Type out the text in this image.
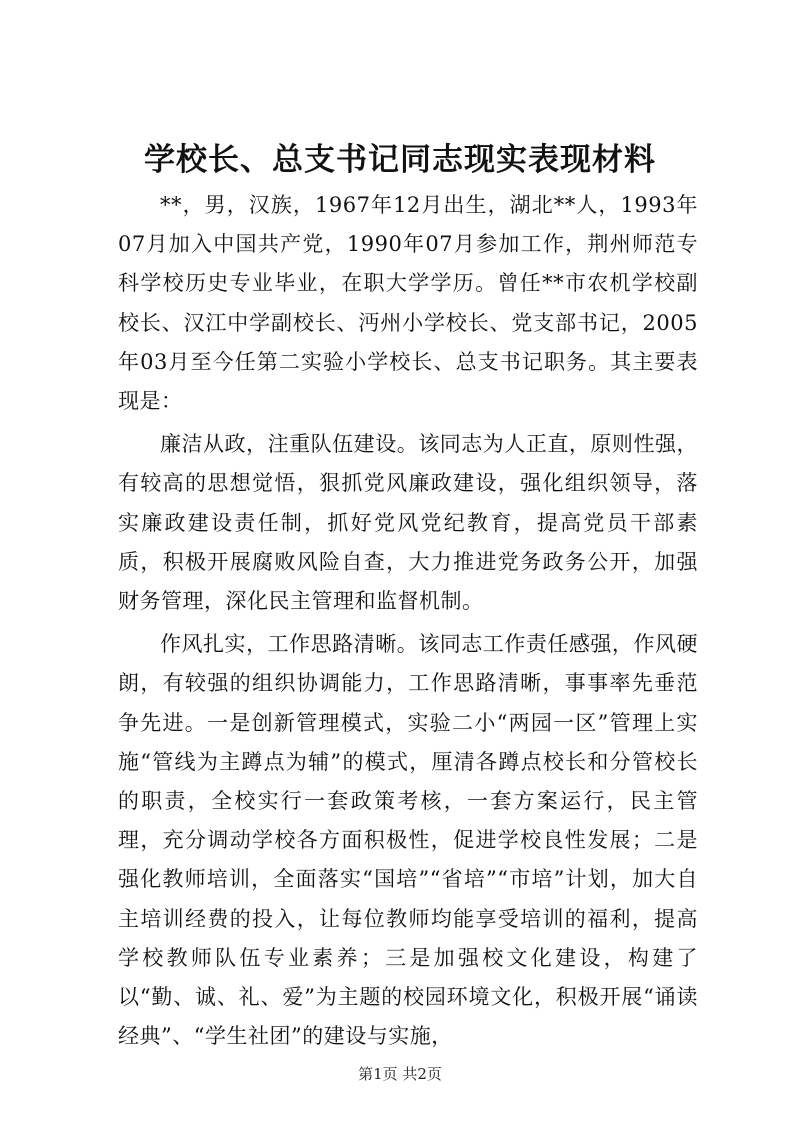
学校长、总支书记同志现实表现材料

**，男，汉族，1967年12月出生，湖北**人，1993年07月加入中国共产党，1990年07月参加工作，荆州师范专科学校历史专业毕业，在职大学学历。曾任**市农机学校副校长、汉江中学副校长、沔州小学校长、党支部书记，2005年03月至今任第二实验小学校长、总支书记职务。其主要表现是：

廉洁从政，注重队伍建设。该同志为人正直，原则性强，有较高的思想觉悟，狠抓党风廉政建设，强化组织领导，落实廉政建设责任制，抓好党风党纪教育，提高党员干部素质，积极开展腐败风险自查，大力推进党务政务公开，加强财务管理，深化民主管理和监督机制。

作风扎实，工作思路清晰。该同志工作责任感强，作风硬朗，有较强的组织协调能力，工作思路清晰，事事率先垂范争先进。一是创新管理模式，实验二小“两园一区”管理上实施“管线为主蹲点为辅”的模式，厘清各蹲点校长和分管校长的职责，全校实行一套政策考核，一套方案运行，民主管理，充分调动学校各方面积极性，促进学校良性发展；二是强化教师培训，全面落实“国培”“省培”“市培”计划，加大自主培训经费的投入，让每位教师均能享受培训的福利，提高学校教师队伍专业素养；三是加强校文化建设，构建了以“勤、诚、礼、爱”为主题的校园环境文化，积极开展“诵读经典”、“学生社团”的建设与实施，

第1页 共2页
